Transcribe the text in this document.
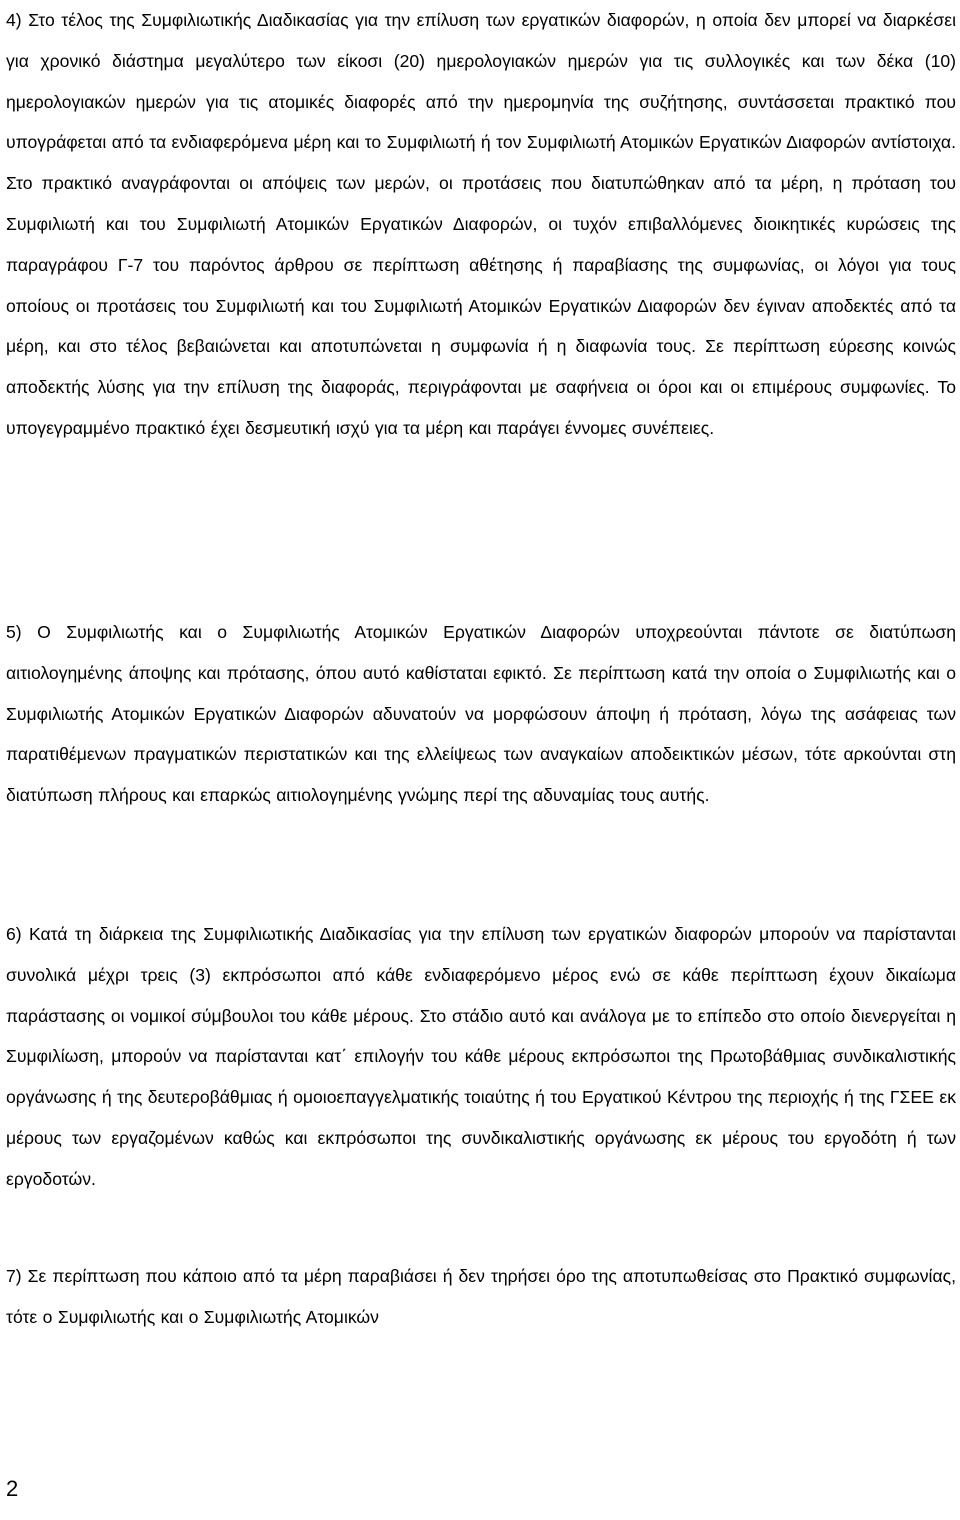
4) Στο τέλος της Συμφιλιωτικής Διαδικασίας για την επίλυση των εργατικών διαφορών, η οποία δεν μπορεί να διαρκέσει για χρονικό διάστημα μεγαλύτερο των είκοσι (20) ημερολογιακών ημερών για τις συλλογικές και των δέκα (10) ημερολογιακών ημερών για τις ατομικές διαφορές από την ημερομηνία της συζήτησης, συντάσσεται πρακτικό που υπογράφεται από τα ενδιαφερόμενα μέρη και το Συμφιλιωτή ή τον Συμφιλιωτή Ατομικών Εργατικών Διαφορών αντίστοιχα. Στο πρακτικό αναγράφονται οι απόψεις των μερών, οι προτάσεις που διατυπώθηκαν από τα μέρη, η πρόταση του Συμφιλιωτή και του Συμφιλιωτή Ατομικών Εργατικών Διαφορών, οι τυχόν επιβαλλόμενες διοικητικές κυρώσεις της παραγράφου Γ-7 του παρόντος άρθρου σε περίπτωση αθέτησης ή παραβίασης της συμφωνίας, οι λόγοι για τους οποίους οι προτάσεις του Συμφιλιωτή και του Συμφιλιωτή Ατομικών Εργατικών Διαφορών δεν έγιναν αποδεκτές από τα μέρη, και στο τέλος βεβαιώνεται και αποτυπώνεται η συμφωνία ή η διαφωνία τους. Σε περίπτωση εύρεσης κοινώς αποδεκτής λύσης για την επίλυση της διαφοράς, περιγράφονται με σαφήνεια οι όροι και οι επιμέρους συμφωνίες. Το υπογεγραμμένο πρακτικό έχει δεσμευτική ισχύ για τα μέρη και παράγει έννομες συνέπειες.

5) Ο Συμφιλιωτής και ο Συμφιλιωτής Ατομικών Εργατικών Διαφορών υποχρεούνται πάντοτε σε διατύπωση αιτιολογημένης άποψης και πρότασης, όπου αυτό καθίσταται εφικτό. Σε περίπτωση κατά την οποία ο Συμφιλιωτής και ο Συμφιλιωτής Ατομικών Εργατικών Διαφορών αδυνατούν να μορφώσουν άποψη ή πρόταση, λόγω της ασάφειας των παρατιθέμενων πραγματικών περιστατικών και της ελλείψεως των αναγκαίων αποδεικτικών μέσων, τότε αρκούνται στη διατύπωση πλήρους και επαρκώς αιτιολογημένης γνώμης περί της αδυναμίας τους αυτής.

6) Κατά τη διάρκεια της Συμφιλιωτικής Διαδικασίας για την επίλυση των εργατικών διαφορών μπορούν να παρίστανται συνολικά μέχρι τρεις (3) εκπρόσωποι από κάθε ενδιαφερόμενο μέρος ενώ σε κάθε περίπτωση έχουν δικαίωμα παράστασης οι νομικοί σύμβουλοι του κάθε μέρους. Στο στάδιο αυτό και ανάλογα με το επίπεδο στο οποίο διενεργείται η Συμφιλίωση, μπορούν να παρίστανται κατ΄ επιλογήν του κάθε μέρους εκπρόσωποι της Πρωτοβάθμιας συνδικαλιστικής οργάνωσης ή της δευτεροβάθμιας ή ομοιοεπαγγελματικής τοιαύτης ή του Εργατικού Κέντρου της περιοχής ή της ΓΣΕΕ εκ μέρους των εργαζομένων καθώς και εκπρόσωποι της συνδικαλιστικής οργάνωσης εκ μέρους του εργοδότη ή των εργοδοτών.

7) Σε περίπτωση που κάποιο από τα μέρη παραβιάσει ή δεν τηρήσει όρο της αποτυπωθείσας στο Πρακτικό συμφωνίας, τότε ο Συμφιλιωτής και ο Συμφιλιωτής Ατομικών

2
